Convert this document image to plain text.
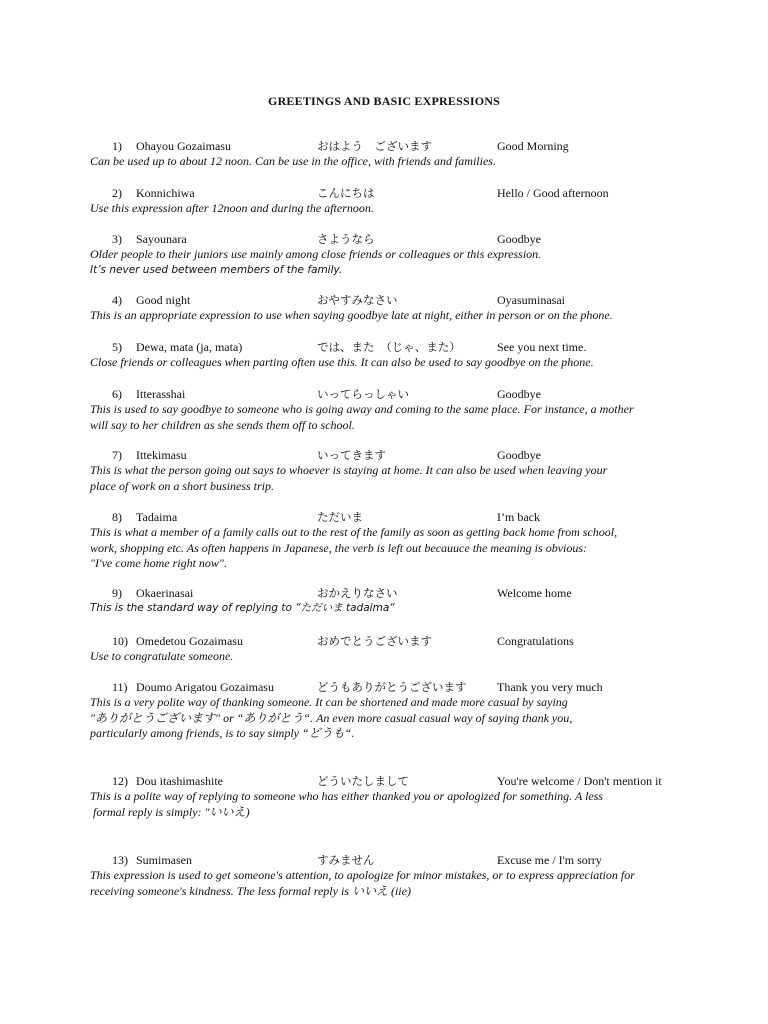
GREETINGS AND BASIC EXPRESSIONS
1) Ohayou Gozaimasu	おはよう　ございます	Good Morning
Can be used up to about 12 noon. Can be use in the office, with friends and families.
2) Konnichiwa	こんにちは	Hello / Good afternoon
Use this expression after 12noon and during the afternoon.
3) Sayounara	さようなら	Goodbye
Older people to their juniors use mainly among close friends or colleagues or this expression.
It’s never used between members of the family.
4) Good night	おやすみなさい	Oyasuminasai
This is an appropriate expression to use when saying goodbye late at night, either in person or on the phone.
5) Dewa, mata (ja, mata)	では、また　（じゃ、また）	See you next time.
Close friends or colleagues when parting often use this. It can also be used to say goodbye on the phone.
6) Itterasshai	いってらっしゃい	Goodbye
This is used to say goodbye to someone who is going away and coming to the same place. For instance, a mother
will say to her children as she sends them off to school.
7) Ittekimasu	いってきます	Goodbye
This is what the person going out says to whoever is staying at home. It can also be used when leaving your
place of work on a short business trip.
8) Tadaima	ただいま	I’m back
This is what a member of a family calls out to the rest of the family as soon as getting back home from school,
work, shopping etc. As often happens in Japanese, the verb is left out becauuce the meaning is obvious:
"I've come home right now".
9) Okaerinasai	おかえりなさい	Welcome home
This is the standard way of replying to “ただいま tadaima“
10) Omedetou Gozaimasu	おめでとうございます	Congratulations
Use to congratulate someone.
11) Doumo Arigatou Gozaimasu	どうもありがとうございます	Thank you very much
This is a very polite way of thanking someone. It can be shortened and made more casual by saying
"ありがとうございます" or “ありがとう“. An even more casual casual way of saying thank you,
particularly among friends, is to say simply “どうも“.
12) Dou itashimashite	どういたしまして	You're welcome / Don't mention it
This is a polite way of replying to someone who has either thanked you or apologized for something. A less
formal reply is simply: "いいえ)
13) Sumimasen	すみません	Excuse me / I'm sorry
This expression is used to get someone's attention, to apologize for minor mistakes, or to express appreciation for
receiving someone's kindness. The less formal reply is いいえ (iie)
